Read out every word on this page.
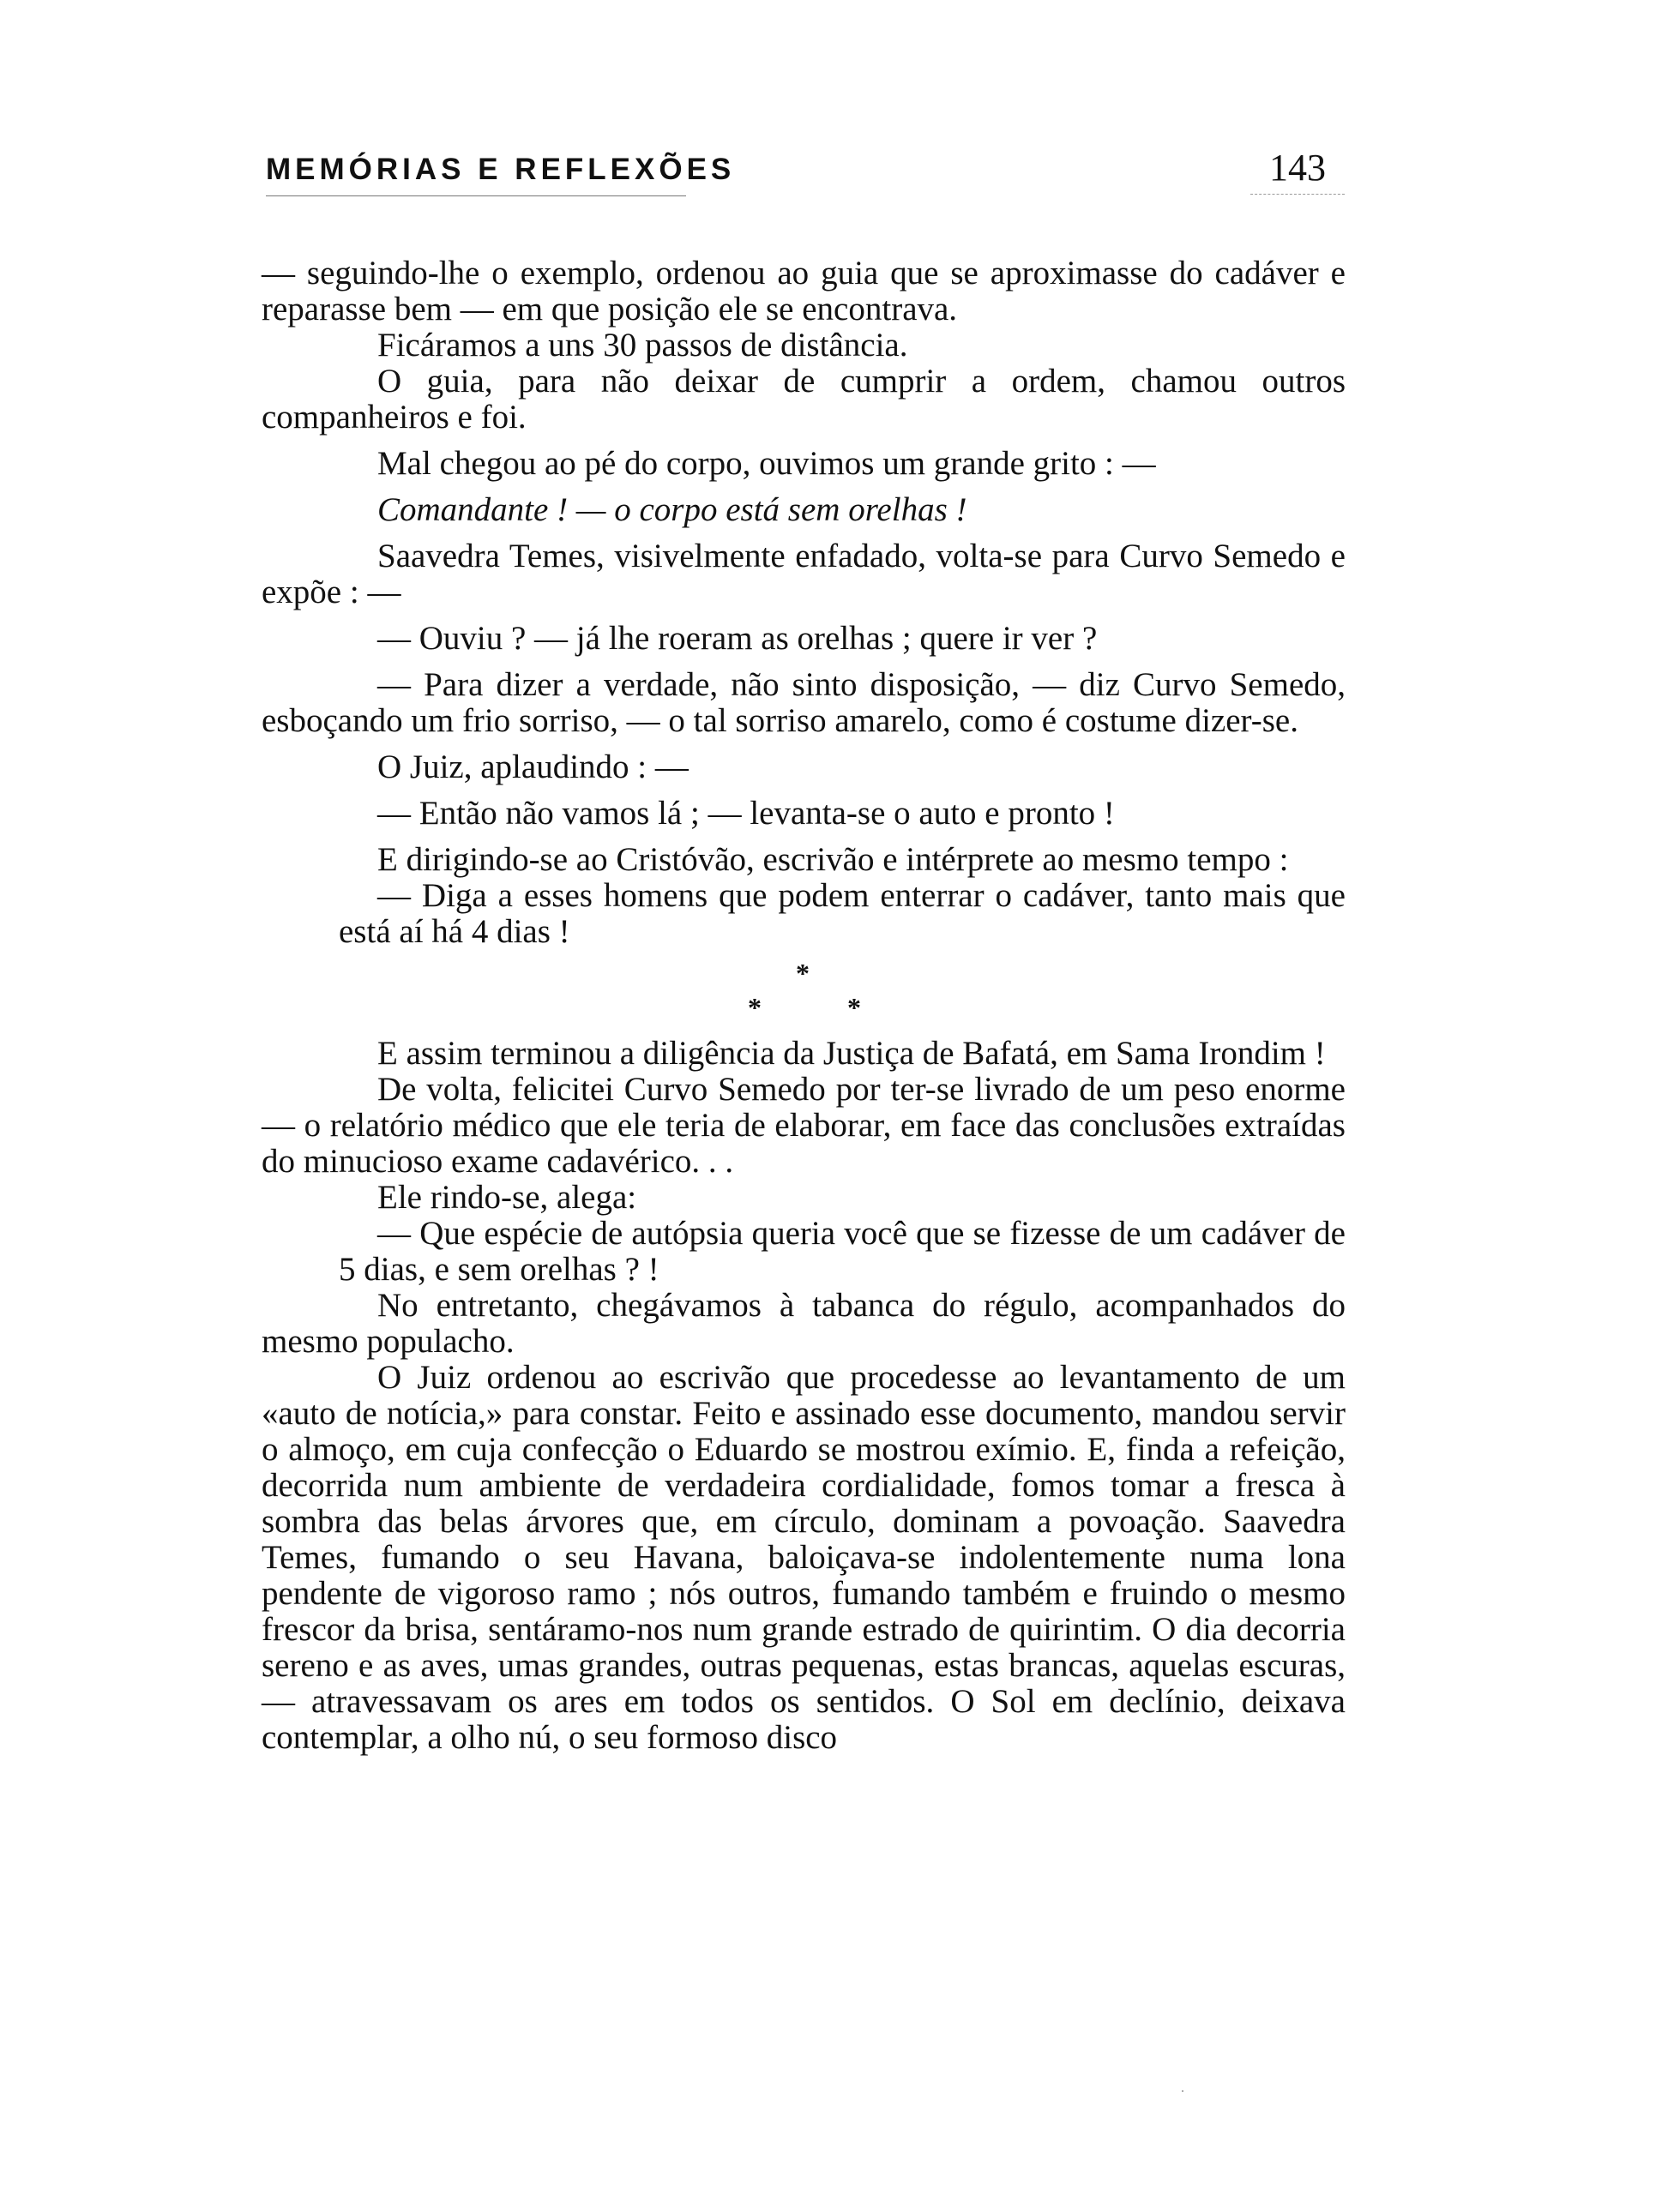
MEMÓRIAS E REFLEXÕES	143

— seguindo-lhe o exemplo, ordenou ao guia que se aproximasse do cadáver e reparasse bem — em que posição ele se encontrava.

Ficáramos a uns 30 passos de distância.

O guia, para não deixar de cumprir a ordem, chamou outros companheiros e foi.

Mal chegou ao pé do corpo, ouvimos um grande grito : —

Comandante ! — o corpo está sem orelhas !

Saavedra Temes, visivelmente enfadado, volta-se para Curvo Semedo e expõe : —

— Ouviu ? — já lhe roeram as orelhas ; quere ir ver ?

— Para dizer a verdade, não sinto disposição, — diz Curvo Semedo, esboçando um frio sorriso, — o tal sorriso amarelo, como é costume dizer-se.

O Juiz, aplaudindo : —

— Então não vamos lá ; — levanta-se o auto e pronto !

E dirigindo-se ao Cristóvão, escrivão e intérprete ao mesmo tempo :

— Diga a esses homens que podem enterrar o cadáver, tanto mais que está aí há 4 dias !

*
*	*

E assim terminou a diligência da Justiça de Bafatá, em Sama Irondim !

De volta, felicitei Curvo Semedo por ter-se livrado de um peso enorme — o relatório médico que ele teria de elaborar, em face das conclusões extraídas do minucioso exame cadavérico. . .

Ele rindo-se, alega:

— Que espécie de autópsia queria você que se fizesse de um cadáver de 5 dias, e sem orelhas ? !

No entretanto, chegávamos à tabanca do régulo, acompanhados do mesmo populacho.

O Juiz ordenou ao escrivão que procedesse ao levantamento de um «auto de notícia,» para constar. Feito e assinado esse documento, mandou servir o almoço, em cuja confecção o Eduardo se mostrou exímio. E, finda a refeição, decorrida num ambiente de verdadeira cordialidade, fomos tomar a fresca à sombra das belas árvores que, em círculo, dominam a povoação. Saavedra Temes, fumando o seu Havana, baloiçava-se indolentemente numa lona pendente de vigoroso ramo ; nós outros, fumando também e fruindo o mesmo frescor da brisa, sentáramo-nos num grande estrado de quirintim. O dia decorria sereno e as aves, umas grandes, outras pequenas, estas brancas, aquelas escuras, — atravessavam os ares em todos os sentidos. O Sol em declínio, deixava contemplar, a olho nú, o seu formoso disco
